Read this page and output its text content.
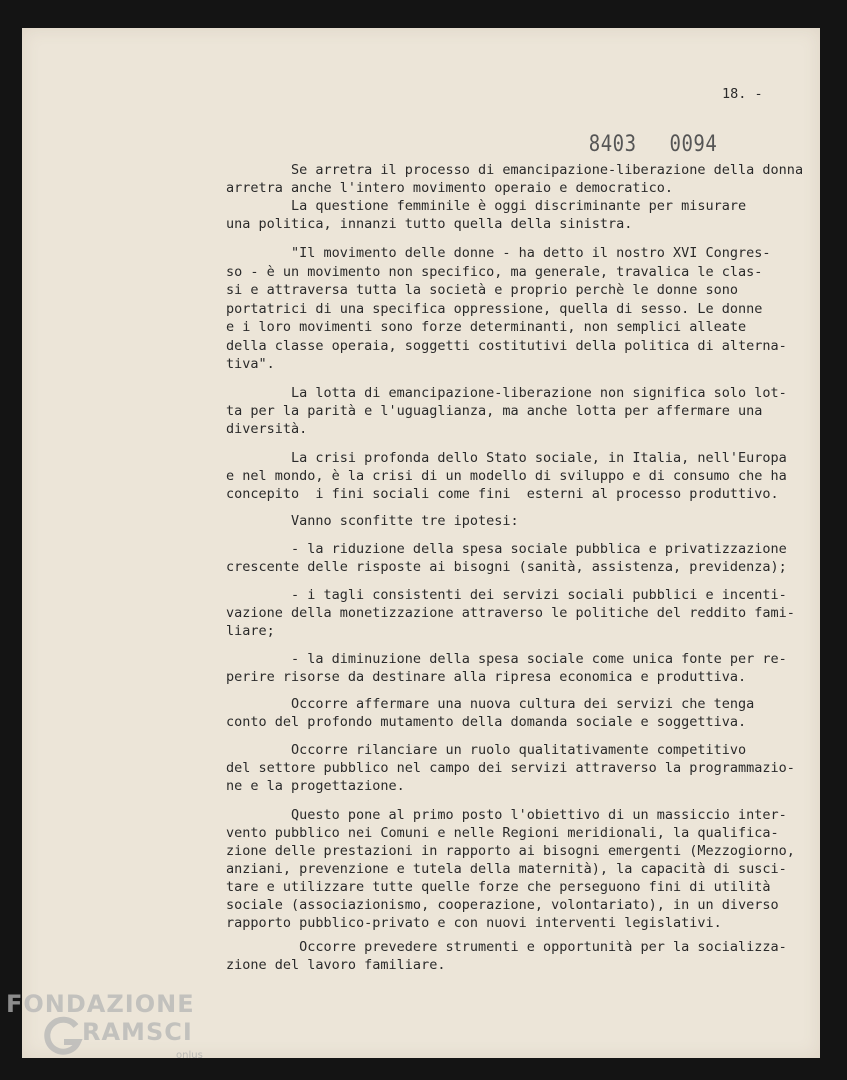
18. -

8403 0094

Se arretra il processo di emancipazione-liberazione della donna
arretra anche l'intero movimento operaio e democratico.
La questione femminile è oggi discriminante per misurare
una politica, innanzi tutto quella della sinistra.
"Il movimento delle donne - ha detto il nostro XVI Congres-
so - è un movimento non specifico, ma generale, travalica le clas-
si e attraversa tutta la società e proprio perchè le donne sono
portatrici di una specifica oppressione, quella di sesso. Le donne
e i loro movimenti sono forze determinanti, non semplici alleate
della classe operaia, soggetti costitutivi della politica di alterna-
tiva".
La lotta di emancipazione-liberazione non significa solo lot-
ta per la parità e l'uguaglianza, ma anche lotta per affermare una
diversità.
La crisi profonda dello Stato sociale, in Italia, nell'Europa
e nel mondo, è la crisi di un modello di sviluppo e di consumo che ha
concepito  i fini sociali come fini  esterni al processo produttivo.
Vanno sconfitte tre ipotesi:
- la riduzione della spesa sociale pubblica e privatizzazione
crescente delle risposte ai bisogni (sanità, assistenza, previdenza);
- i tagli consistenti dei servizi sociali pubblici e incenti-
vazione della monetizzazione attraverso le politiche del reddito fami-
liare;
- la diminuzione della spesa sociale come unica fonte per re-
perire risorse da destinare alla ripresa economica e produttiva.
Occorre affermare una nuova cultura dei servizi che tenga
conto del profondo mutamento della domanda sociale e soggettiva.
Occorre rilanciare un ruolo qualitativamente competitivo
del settore pubblico nel campo dei servizi attraverso la programmazio-
ne e la progettazione.
Questo pone al primo posto l'obiettivo di un massiccio inter-
vento pubblico nei Comuni e nelle Regioni meridionali, la qualifica-
zione delle prestazioni in rapporto ai bisogni emergenti (Mezzogiorno,
anziani, prevenzione e tutela della maternità), la capacità di susci-
tare e utilizzare tutte quelle forze che perseguono fini di utilità
sociale (associazionismo, cooperazione, volontariato), in un diverso
rapporto pubblico-privato e con nuovi interventi legislativi.
Occorre prevedere strumenti e opportunità per la socializza-
zione del lavoro familiare.
FONDAZIONE
RAMSCI
onlus
